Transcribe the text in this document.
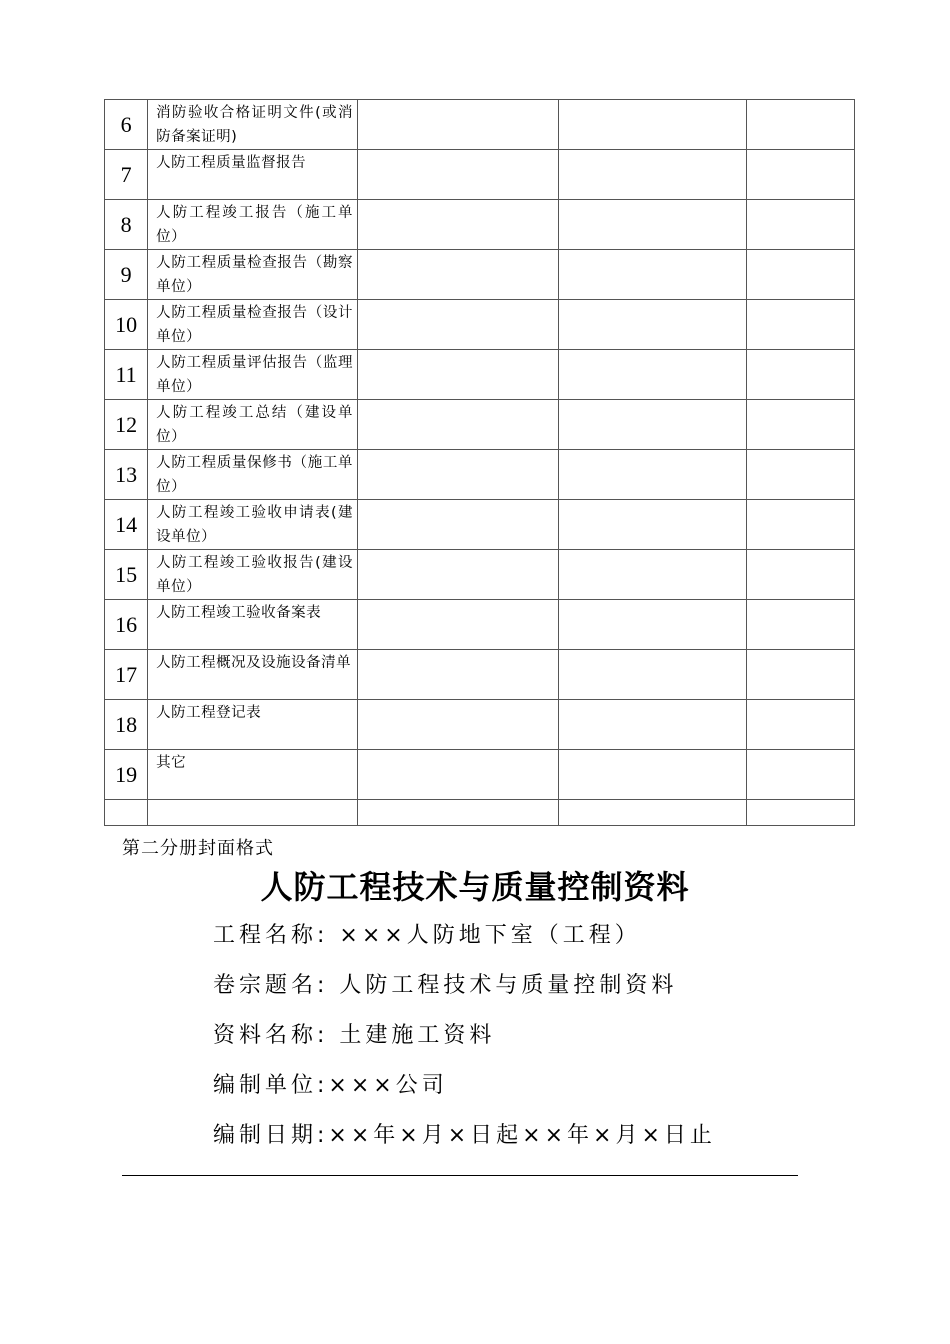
6	消防验收合格证明文件(或消防备案证明)			

7	人防工程质量监督报告			

8	人防工程竣工报告（施工单位）			

9	人防工程质量检查报告（勘察单位）			

10	人防工程质量检查报告（设计单位）			

11	人防工程质量评估报告（监理单位）			

12	人防工程竣工总结（建设单位）			

13	人防工程质量保修书（施工单位）			

14	人防工程竣工验收申请表(建设单位）			

15	人防工程竣工验收报告(建设单位）			

16	人防工程竣工验收备案表			

17	人防工程概况及设施设备清单			

18	人防工程登记表			

19	其它			

第二分册封面格式
人防工程技术与质量控制资料
工程名称: ×××人防地下室（工程）
卷宗题名: 人防工程技术与质量控制资料
资料名称: 土建施工资料
编制单位:×××公司
编制日期:××年×月×日起××年×月×日止
